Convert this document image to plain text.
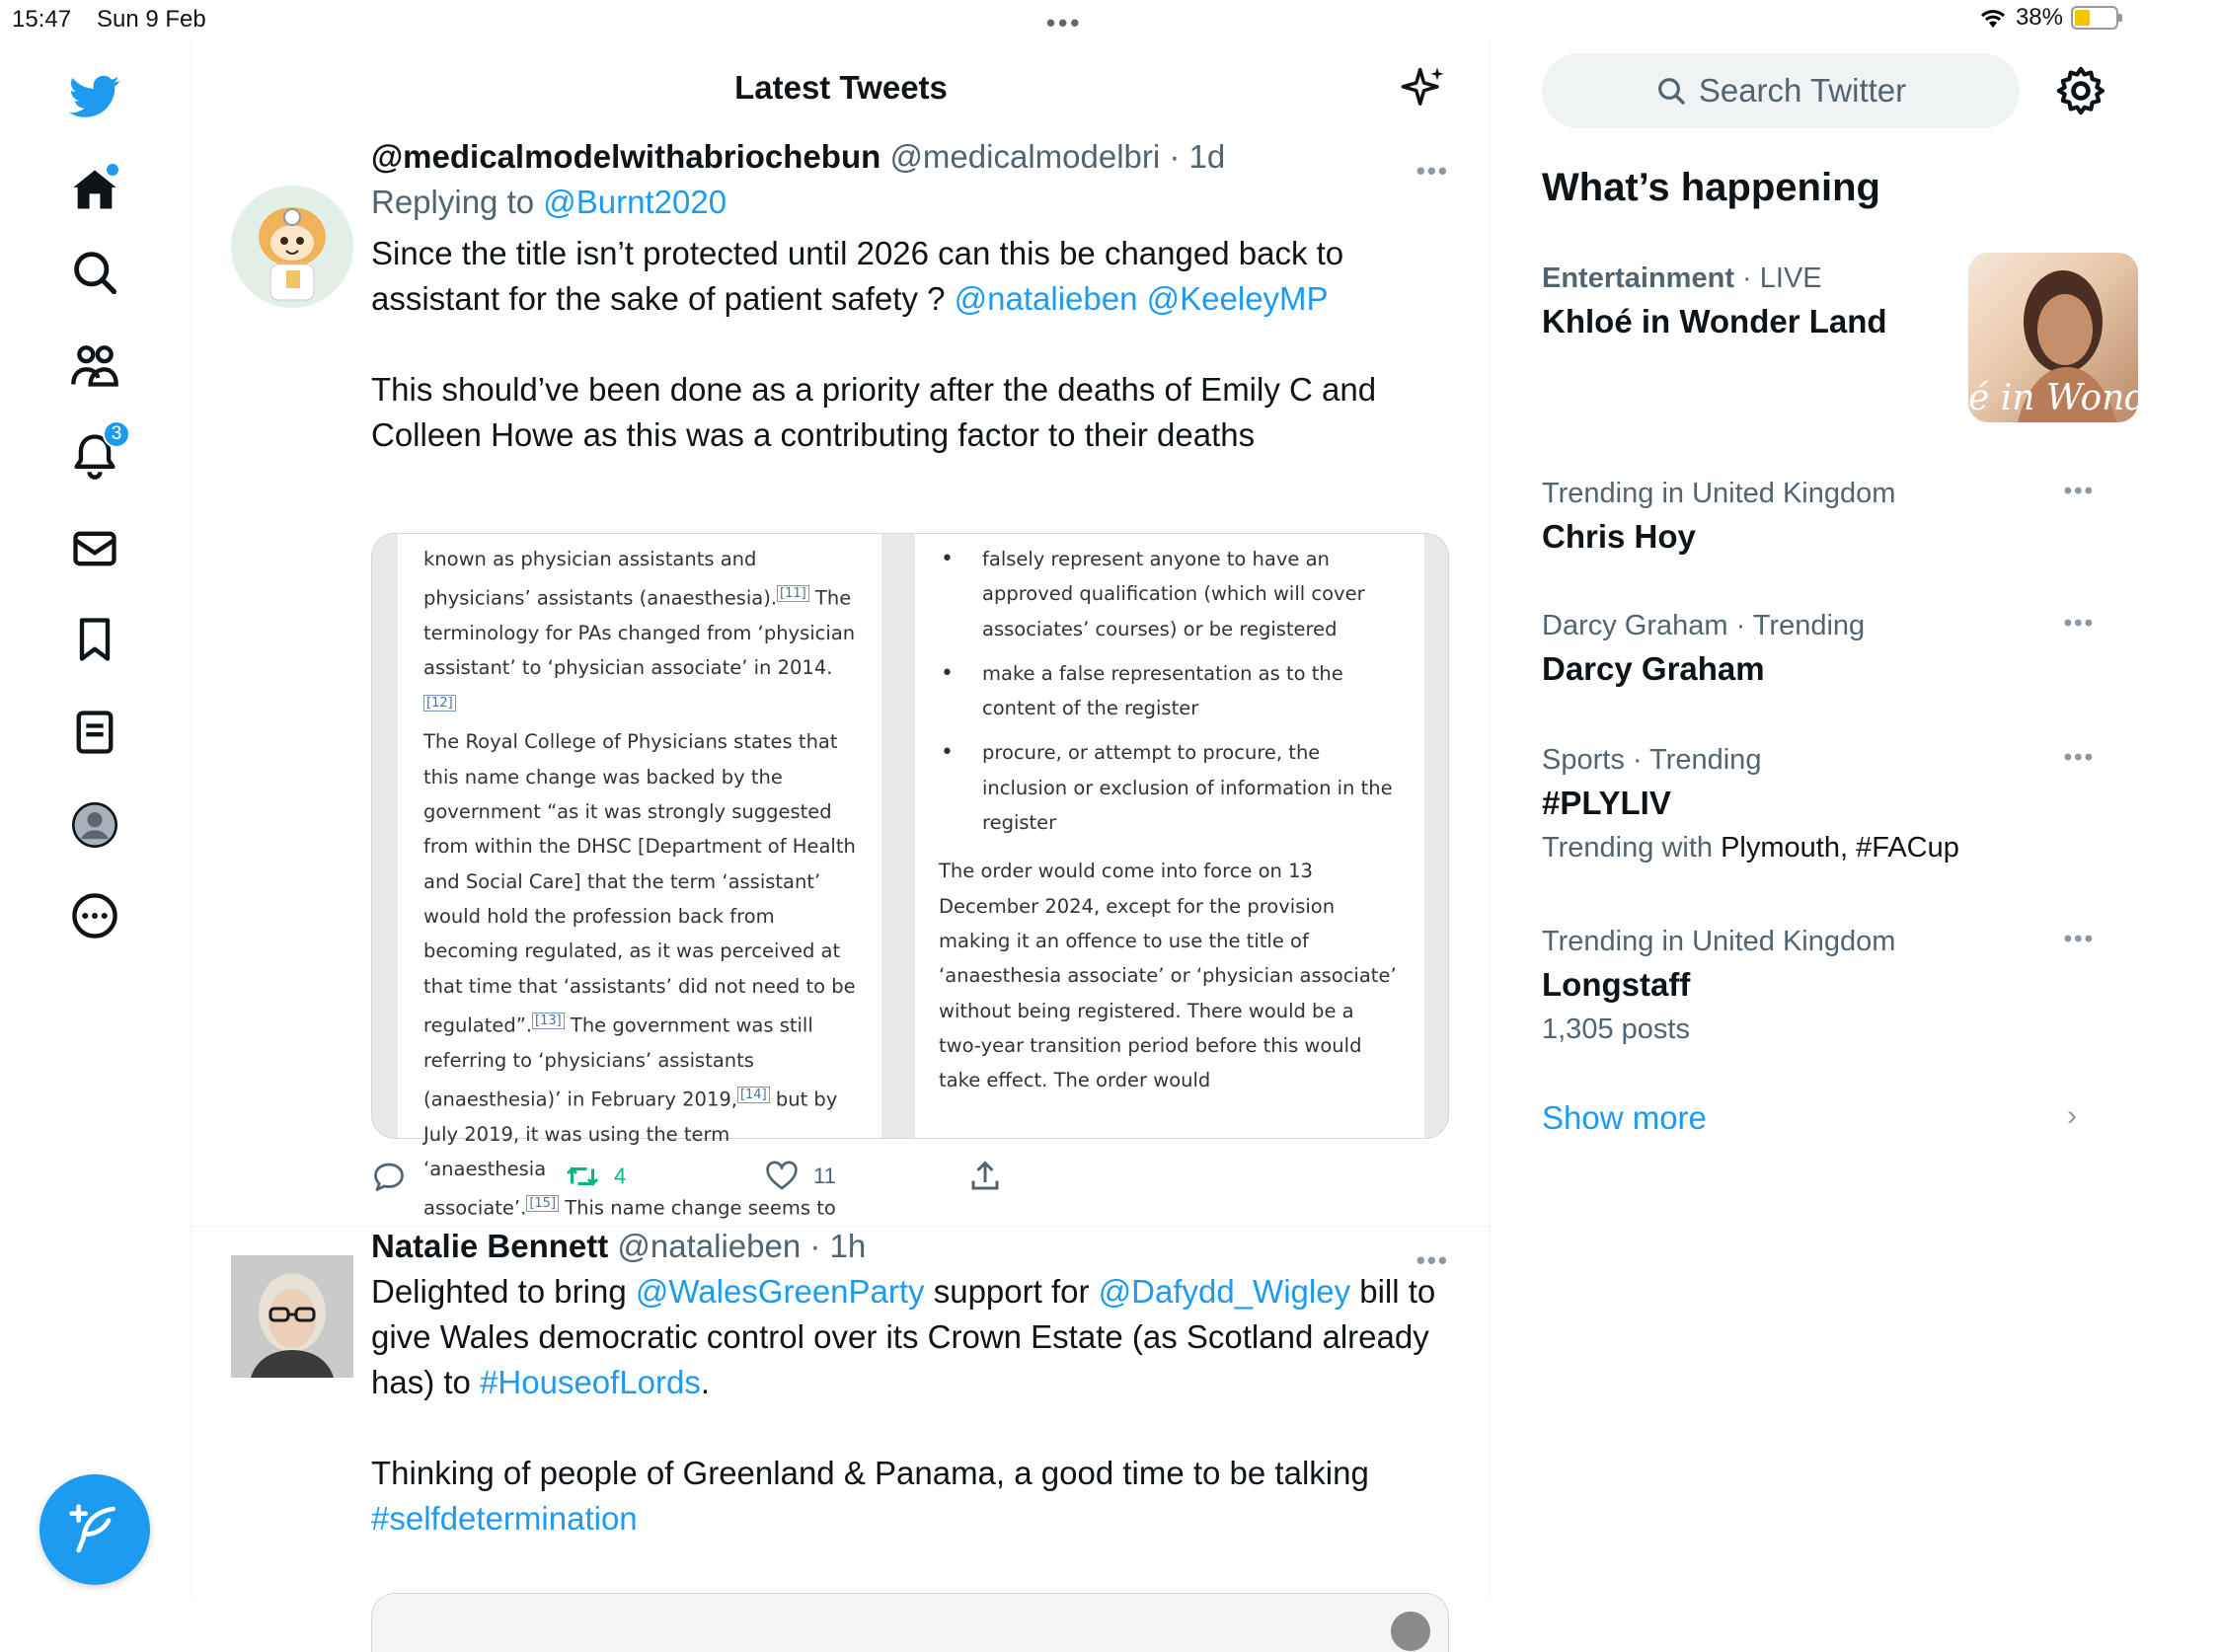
15:47 Sun 9 Feb	•••	38%
3
Latest Tweets
@medicalmodelwithabriochebun @medicalmodelbri · 1d
Replying to @Burnt2020

Since the title isn’t protected until 2026 can this be changed back to

assistant for the sake of patient safety ? @natalieben @KeeleyMP

This should’ve been done as a priority after the deaths of Emily C and Colleen Howe as this was a contributing factor to their deaths

•••
known as physician assistants and
physicians’ assistants (anaesthesia). [11] The
terminology for PAs changed from ‘physician
assistant’ to ‘physician associate’ in 2014.[12]
The Royal College of Physicians states that
this name change was backed by the
government “as it was strongly suggested
from within the DHSC [Department of Health
and Social Care] that the term ‘assistant’
would hold the profession back from
becoming regulated, as it was perceived at
that time that ‘assistants’ did not need to be
regulated”. [13] The government was still
referring to ‘physicians’ assistants
(anaesthesia)’ in February 2019, [14] but by
July 2019, it was using the term ‘anaesthesia
associate’. [15] This name change seems to
• falsely represent anyone to have an approved qualification (which will cover associates’ courses) or be registered
• make a false representation as to the content of the register
• procure, or attempt to procure, the inclusion or exclusion of information in the register
The order would come into force on 13 December 2024, except for the provision making it an offence to use the title of ‘anaesthesia associate’ or ‘physician associate’ without being registered. There would be a two-year transition period before this would take effect. The order would
4	11
Natalie Bennett @natalieben · 1h

Delighted to bring @WalesGreenParty support for @Dafydd_Wigley bill to give Wales democratic control over its Crown Estate (as Scotland already has) to #HouseofLords.

Thinking of people of Greenland & Panama, a good time to be talking #selfdetermination

•••
Search Twitter
What’s happening
Entertainment · LIVE
Khloé in Wonder Land
é in Wonder L
Trending in United Kingdom
Chris Hoy
•••
Darcy Graham · Trending
Darcy Graham
•••
Sports · Trending
#PLYLIV
Trending with Plymouth, #FACup
•••
Trending in United Kingdom
Longstaff
1,305 posts
•••
Show more	›
